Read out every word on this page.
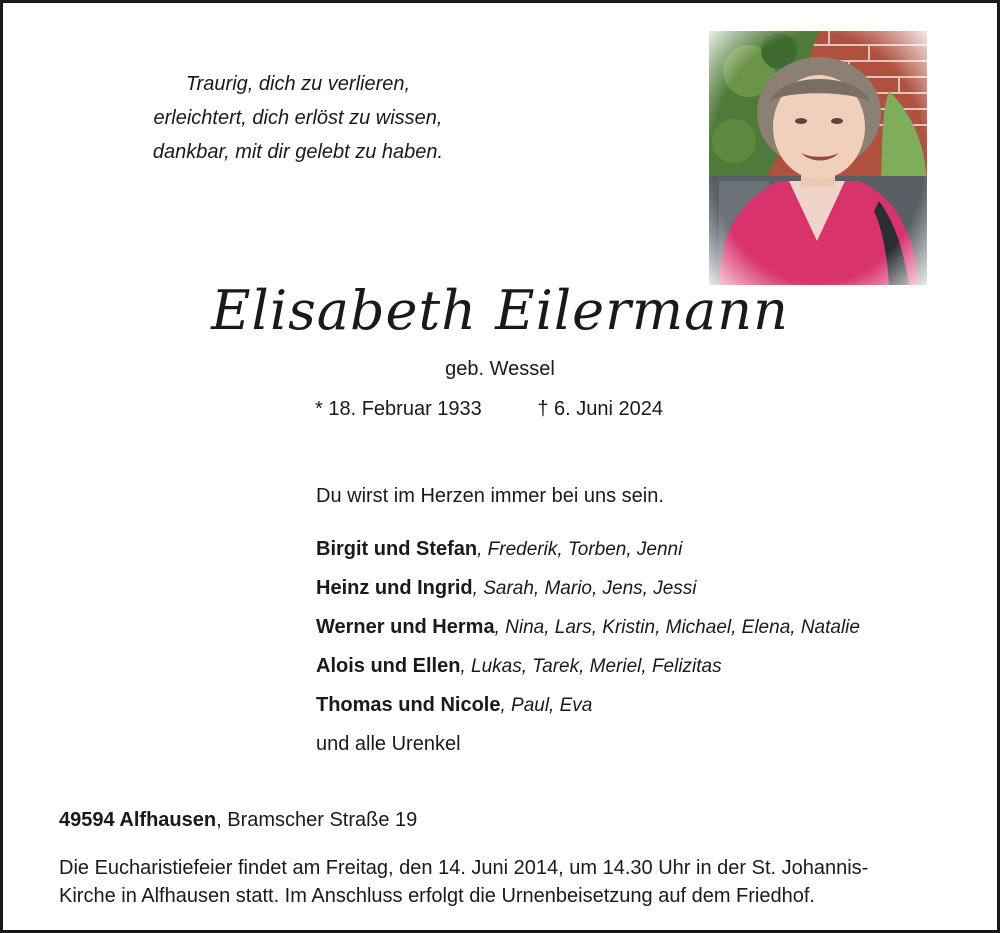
Traurig, dich zu verlieren,
erleichtert, dich erlöst zu wissen,
dankbar, mit dir gelebt zu haben.
Elisabeth Eilermann
geb. Wessel
* 18. Februar 1933	† 6. Juni 2024
Du wirst im Herzen immer bei uns sein.
Birgit und Stefan, Frederik, Torben, Jenni
Heinz und Ingrid, Sarah, Mario, Jens, Jessi
Werner und Herma, Nina, Lars, Kristin, Michael, Elena, Natalie
Alois und Ellen, Lukas, Tarek, Meriel, Felizitas
Thomas und Nicole, Paul, Eva
und alle Urenkel
49594 Alfhausen, Bramscher Straße 19
Die Eucharistiefeier findet am Freitag, den 14. Juni 2014, um 14.30 Uhr in der St. Johannis-
Kirche in Alfhausen statt. Im Anschluss erfolgt die Urnenbeisetzung auf dem Friedhof.
